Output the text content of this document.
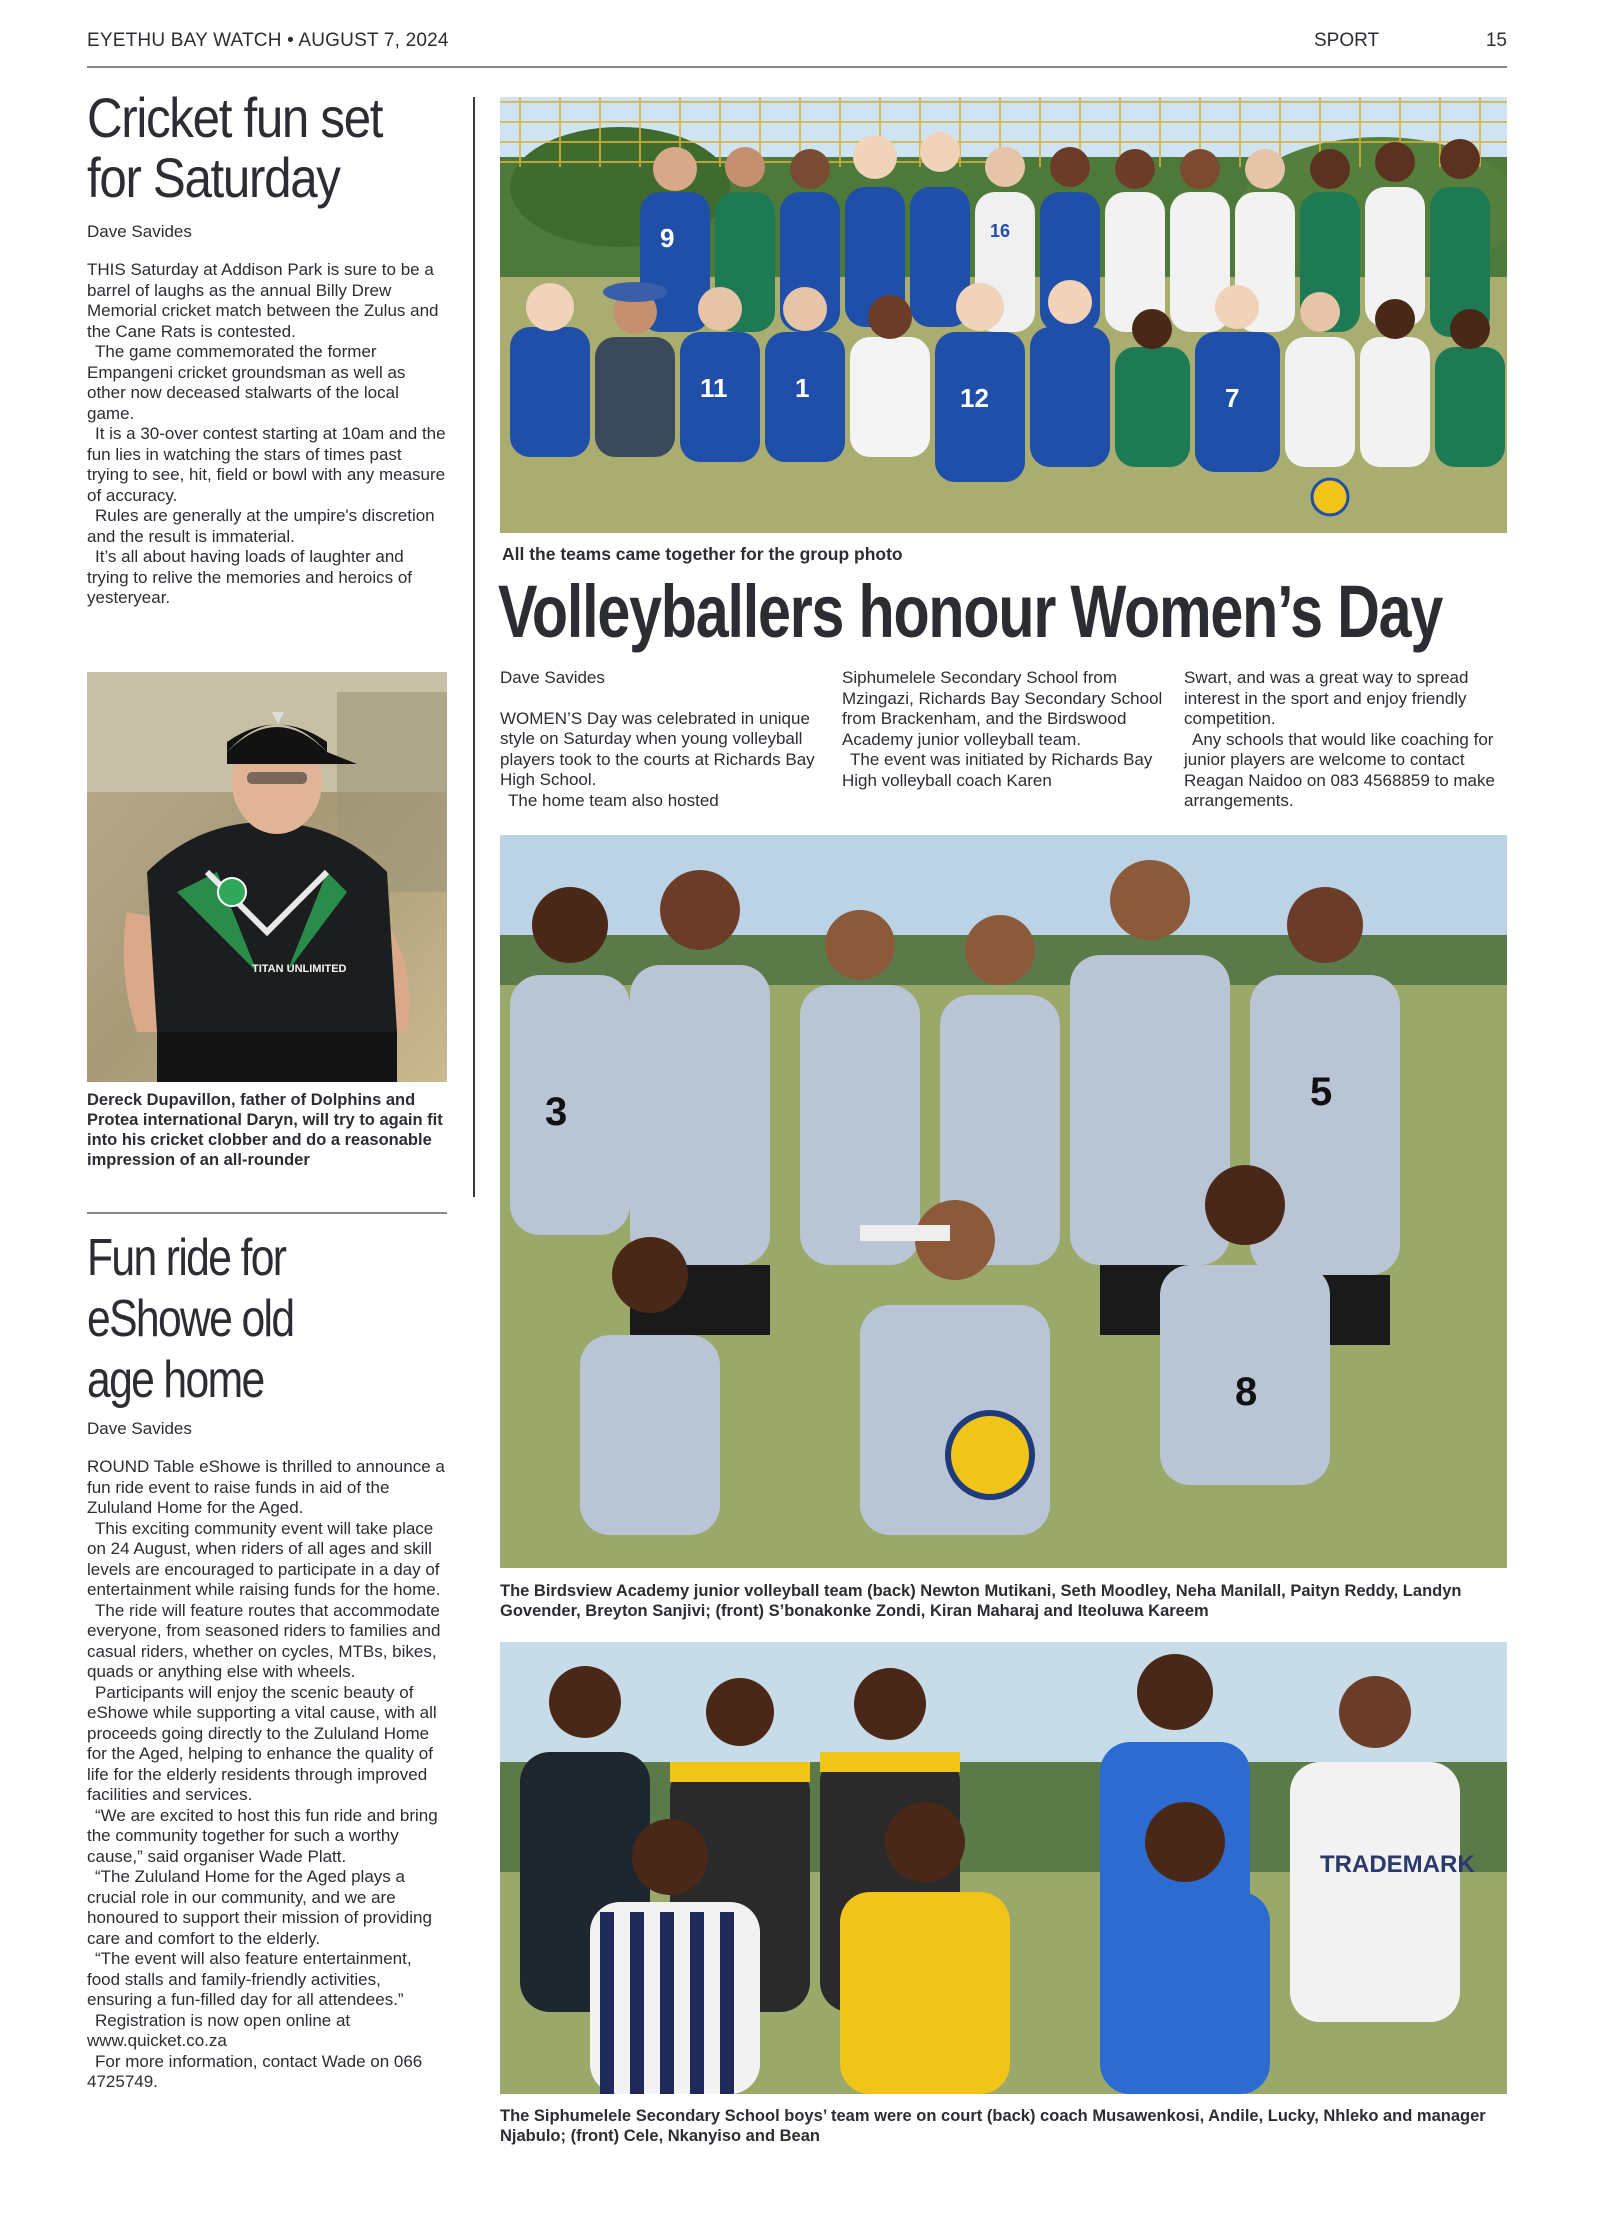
EYETHU BAY WATCH • AUGUST 7, 2024	SPORT	15
Cricket fun set
for Saturday
Dave Savides

THIS Saturday at Addison Park is sure to be a barrel of laughs as the annual Billy Drew Memorial cricket match between the Zulus and the Cane Rats is contested.

The game commemorated the former Empangeni cricket groundsman as well as other now deceased stalwarts of the local game.

It is a 30-over contest starting at 10am and the fun lies in watching the stars of times past trying to see, hit, field or bowl with any measure of accuracy.

Rules are generally at the umpire's discretion and the result is immaterial.

It’s all about having loads of laughter and trying to relive the memories and heroics of yesteryear.

TITAN UNLIMITED
Dereck Dupavillon, father of Dolphins and Protea international Daryn, will try to again fit into his cricket clobber and do a reasonable impression of an all-rounder
Fun ride for
eShowe old
age home
Dave Savides

ROUND Table eShowe is thrilled to announce a fun ride event to raise funds in aid of the Zululand Home for the Aged.

This exciting community event will take place on 24 August, when riders of all ages and skill levels are encouraged to participate in a day of entertainment while raising funds for the home.

The ride will feature routes that accommodate everyone, from seasoned riders to families and casual riders, whether on cycles, MTBs, bikes, quads or anything else with wheels.

Participants will enjoy the scenic beauty of eShowe while supporting a vital cause, with all proceeds going directly to the Zululand Home for the Aged, helping to enhance the quality of life for the elderly residents through improved facilities and services.

“We are excited to host this fun ride and bring the community together for such a worthy cause,” said organiser Wade Platt.

“The Zululand Home for the Aged plays a crucial role in our community, and we are honoured to support their mission of providing care and comfort to the elderly.

“The event will also feature entertainment, food stalls and family-friendly activities, ensuring a fun-filled day for all attendees.”

Registration is now open online at www.quicket.co.za

For more information, contact Wade on 066 4725749.

9	16
11	1	12	7
All the teams came together for the group photo
Volleyballers honour Women’s Day
Dave Savides

WOMEN’S Day was celebrated in unique style on Saturday when young volleyball players took to the courts at Richards Bay High School.

The home team also hosted

Siphumelele Secondary School from Mzingazi, Richards Bay Secondary School from Brackenham, and the Birdswood Academy junior volleyball team.

The event was initiated by Richards Bay High volleyball coach Karen

Swart, and was a great way to spread interest in the sport and enjoy friendly competition.

Any schools that would like coaching for junior players are welcome to contact Reagan Naidoo on 083 4568859 to make arrangements.

3	5
8
The Birdsview Academy junior volleyball team (back) Newton Mutikani, Seth Moodley, Neha Manilall, Paityn Reddy, Landyn Govender, Breyton Sanjivi; (front) S’bonakonke Zondi, Kiran Maharaj and Iteoluwa Kareem
TRADEMARK
The Siphumelele Secondary School boys’ team were on court (back) coach Musawenkosi, Andile, Lucky, Nhleko and manager Njabulo; (front) Cele, Nkanyiso and Bean
